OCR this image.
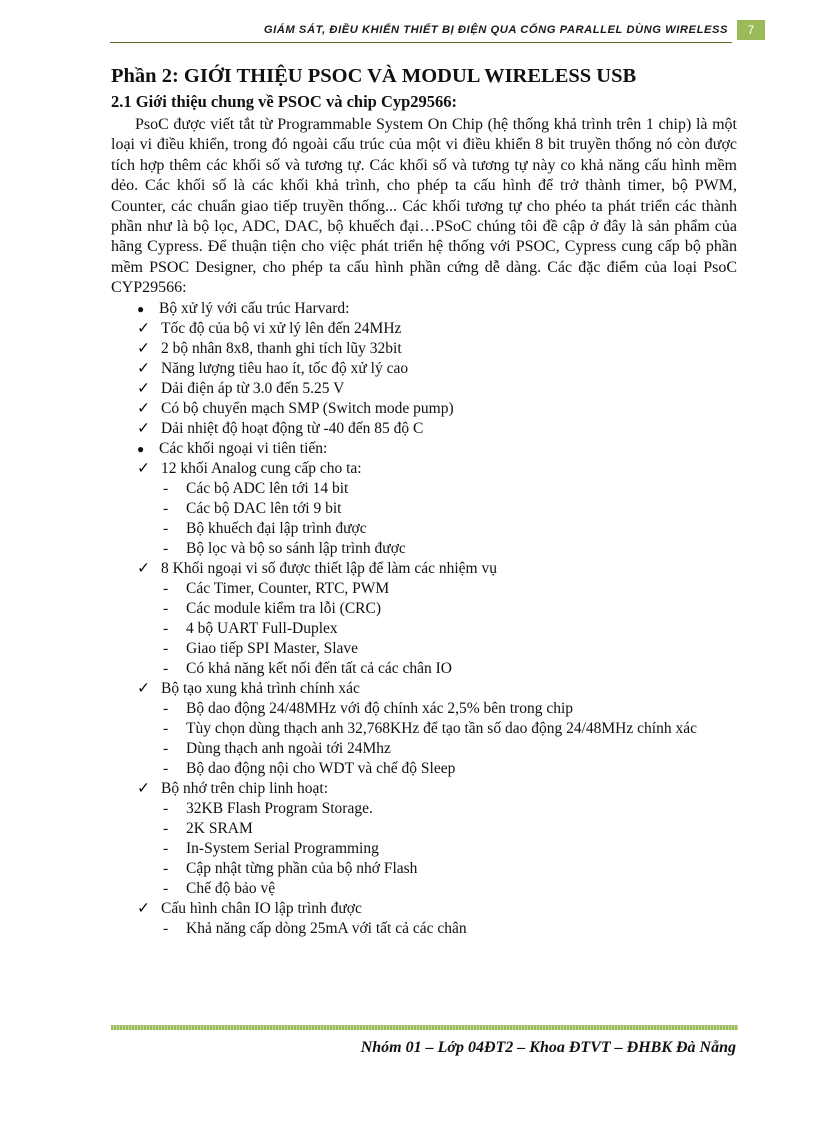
GIÁM SÁT, ĐIỀU KHIỂN THIẾT BỊ ĐIỆN QUA CỔNG PARALLEL DÙNG WIRELESS	7
Phần 2: GIỚI THIỆU PSOC VÀ MODUL WIRELESS USB
2.1 Giới thiệu chung về PSOC và chip Cyp29566:

PsoC được viết tắt từ Programmable System On Chip (hệ thống khả trình trên 1 chip) là một loại vi điều khiển, trong đó ngoài cấu trúc của một vi điều khiển 8 bit truyền thống nó còn được tích hợp thêm các khối số và tương tự. Các khối số và tương tự này co khả năng cấu hình mềm dẻo. Các khối số là các khối khả trình, cho phép ta cấu hình để trở thành timer, bộ PWM, Counter, các chuẩn giao tiếp truyền thống... Các khối tương tự cho phéo ta phát triển các thành phần như là bộ lọc, ADC, DAC, bộ khuếch đại…PSoC chúng tôi đề cập ở đây là sản phẩm của hãng Cypress. Để thuận tiện cho việc phát triển hệ thống với PSOC, Cypress cung cấp bộ phần mềm PSOC Designer, cho phép ta cấu hình phần cứng dễ dàng. Các đặc điểm của loại PsoC CYP29566:

● Bộ xử lý với cấu trúc Harvard:
✓ Tốc độ của bộ vi xử lý lên đến 24MHz
✓ 2 bộ nhân 8x8, thanh ghi tích lũy 32bit
✓ Năng lượng tiêu hao ít, tốc độ xử lý cao
✓ Dải điện áp từ 3.0 đến 5.25 V
✓ Có bộ chuyển mạch SMP (Switch mode pump)
✓ Dải nhiệt độ hoạt động từ -40 đến 85 độ C
● Các khối ngoại vi tiên tiến:
✓ 12 khối Analog cung cấp cho ta:
- Các bộ ADC lên tới 14 bit
- Các bộ DAC lên tới 9 bit
- Bộ khuếch đại lập trình được
- Bộ lọc và bộ so sánh lập trình được
✓ 8 Khối ngoại vi số được thiết lập để làm các nhiệm vụ
- Các Timer, Counter, RTC, PWM
- Các module kiểm tra lỗi (CRC)
- 4 bộ UART Full-Duplex
- Giao tiếp SPI Master, Slave
- Có khả năng kết nối đến tất cả các chân IO
✓ Bộ tạo xung khả trình chính xác
- Bộ dao động 24/48MHz với độ chính xác 2,5% bên trong chip
- Tùy chọn dùng thạch anh 32,768KHz để tạo tần số dao động 24/48MHz chính xác
- Dùng thạch anh ngoài tới 24Mhz
- Bộ dao động nội cho WDT và chế độ Sleep
✓ Bộ nhớ trên chip linh hoạt:
- 32KB Flash Program Storage.
- 2K SRAM
- In-System Serial Programming
- Cập nhật từng phần của bộ nhớ Flash
- Chế độ bảo vệ
✓ Cấu hình chân IO lập trình được
- Khả năng cấp dòng 25mA với tất cả các chân
Nhóm 01 – Lớp 04ĐT2 – Khoa ĐTVT – ĐHBK Đà Nẵng
